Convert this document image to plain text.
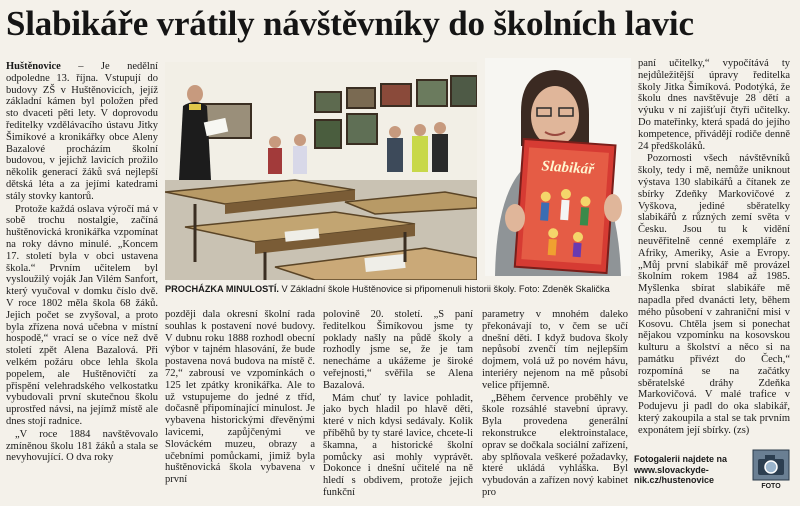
Slabikáře vrátily návštěvníky do školních lavic
Slabikář

Huštěnovice – Je nedělní odpoledne 13. října. Vstupují do budovy ZŠ v Huštěnovicích, jejíž základní kámen byl položen před sto dvaceti pěti lety. V doprovodu ředitelky vzdělávacího ústavu Jitky Šimíkové a kronikářky obce Aleny Bazalové procházím školní budovou, v jejichž lavicích prožilo několik generací žáků svá nejlepší dětská léta a za jejími katedrami stály stovky kantorů.

Protože každá oslava výročí má v sobě trochu nostalgie, začíná huštěnovická kronikářka vzpomínat na roky dávno minulé. „Koncem 17. století byla v obci ustavena škola.“ Prvním učitelem byl vysloužilý voják Jan Vilém Sanfort, který vyučoval v domku číslo dvě. V roce 1802 měla škola 68 žáků. Jejich počet se zvyšoval, a proto byla zřízena nová učebna v místní hospodě,“ vrací se o více než dvě století zpět Alena Bazalová. Při velkém požáru obce lehla škola popelem, ale Huštěnovičtí za přispění velehradského velkostatku vybudovali první skutečnou školu uprostřed návsi, na jejímž místě ale dnes stojí radnice.

„V roce 1884 navštěvovalo zmíněnou školu 181 žáků a stala se nevyhovující. O dva roky

později dala okresní školní rada souhlas k postavení nové budovy. V dubnu roku 1888 rozhodl obecní výbor v tajném hlasování, že bude postavena nová budova na místě č. 72,“ zabrousí ve vzpomínkách o 125 let zpátky kronikářka. Ale to už vstupujeme do jedné z tříd, dočasně připomínající minulost. Je vybavena historickými dřevěnými lavicemi, zapůjčenými ve Slováckém muzeu, obrazy a učebními pomůckami, jimiž byla huštěnovická škola vybavena v první

polovině 20. století. „S paní ředitelkou Šimíkovou jsme ty poklady našly na půdě školy a rozhodly jsme se, že je tam nenecháme a ukážeme je široké veřejnosti,“ svěřila se Alena Bazalová.

Mám chuť ty lavice pohladit, jako bych hladil po hlavě děti, které v nich kdysi sedávaly. Kolik příběhů by ty staré lavice, chcete-li škamna, a historické školní pomůcky asi mohly vyprávět. Dokonce i dnešní učitelé na ně hledí s obdivem, protože jejich funkční

parametry v mnohém daleko překonávají to, v čem se učí dnešní děti. I když budova školy nepůsobí zvenčí tím nejlepším dojmem, volá už po novém hávu, interiéry nejenom na mě působí velice příjemně.

„Během července proběhly ve škole rozsáhlé stavební úpravy. Byla provedena generální rekonstrukce elektroinstalace, oprav se dočkala sociální zařízení, aby splňovala veškeré požadavky, které ukládá vyhláška. Byl vybudován a zařízen nový kabinet pro

paní učitelky,“ vypočítává ty nejdůležitější úpravy ředitelka školy Jitka Šimíková. Podotýká, že školu dnes navštěvuje 28 dětí a výuku v ní zajišťují čtyři učitelky. Do mateřinky, která spadá do jejího kompetence, přivádějí rodiče denně 24 předškoláků.

Pozornosti všech návštěvníků školy, tedy i mě, nemůže uniknout výstava 130 slabikářů a čítanek ze sbírky Zdeňky Markovičové z Vyškova, jediné sběratelky slabikářů z různých zemí světa v Česku. Jsou tu k vidění neuvěřitelně cenné exempláře z Afriky, Ameriky, Asie a Evropy. „Můj první slabikář mě provázel školním rokem 1984 až 1985. Myšlenka sbírat slabikáře mě napadla před dvanácti lety, během mého působení v zahraniční misi v Kosovu. Chtěla jsem si ponechat nějakou vzpomínku na kosovskou kulturu a školství a něco si na památku přivézt do Čech,“ rozpomíná se na začátky sběratelské dráhy Zdeňka Markovičová. V malé trafice v Podujevu ji padl do oka slabikář, který zakoupila a stal se tak prvním exponátem její sbírky. (zs)

PROCHÁZKA MINULOSTÍ. V Základní škole Huštěnovice si připomenuli historii školy. Foto: Zdeněk Skalička
Fotogalerii najdete na
www.slovackyde-
nik.cz/hustenovice
FOTO
